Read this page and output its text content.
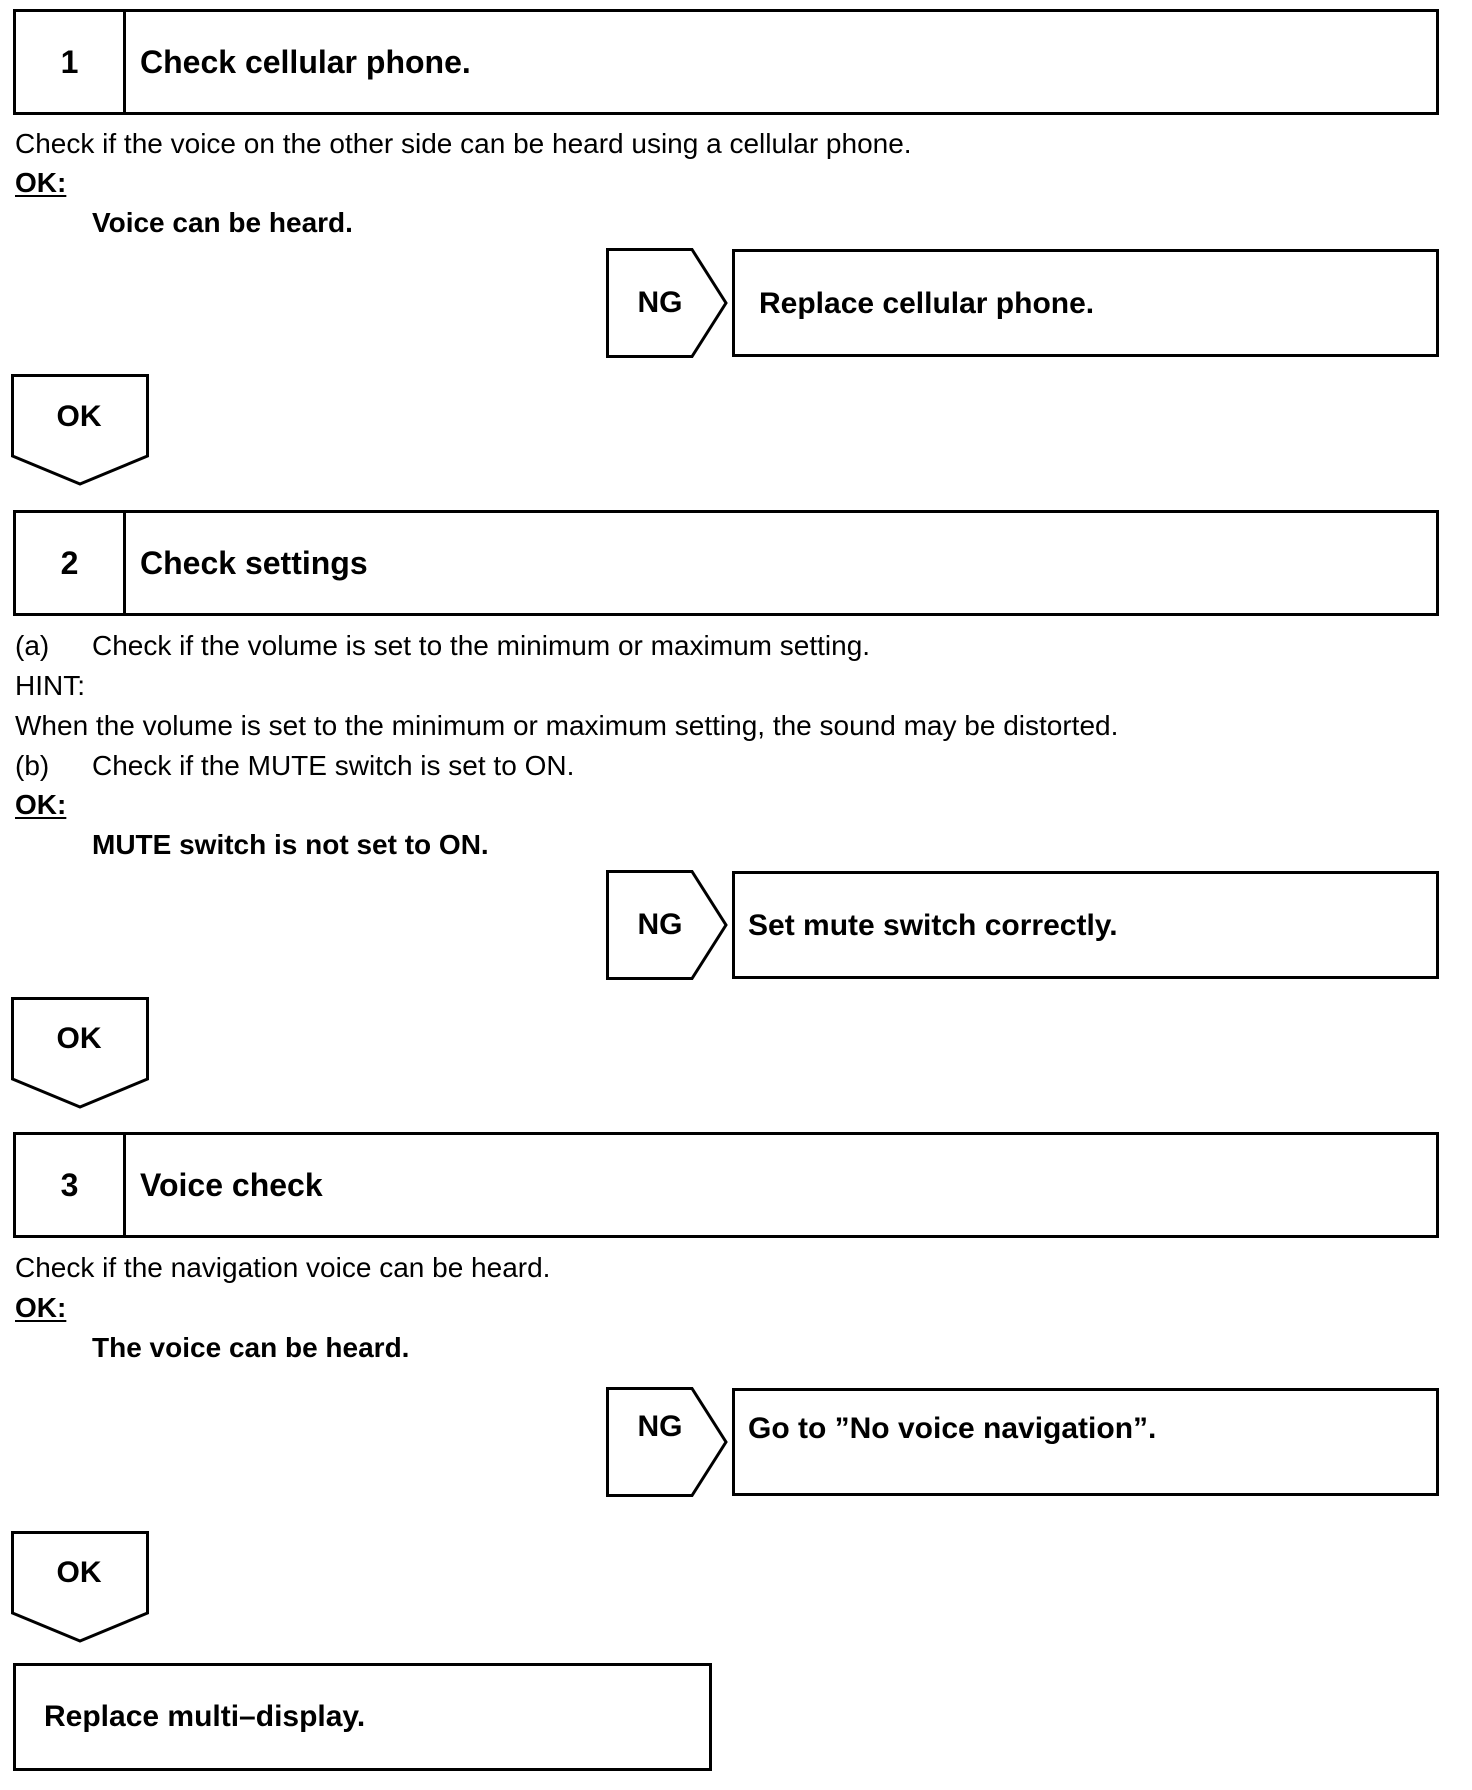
1	Check cellular phone.
Check if the voice on the other side can be heard using a cellular phone.
OK:
Voice can be heard.
NG	Replace cellular phone.
OK
2	Check settings
(a) Check if the volume is set to the minimum or maximum setting.
HINT:
When the volume is set to the minimum or maximum setting, the sound may be distorted.
(b) Check if the MUTE switch is set to ON.
OK:
MUTE switch is not set to ON.
NG	Set mute switch correctly.
OK
3	Voice check
Check if the navigation voice can be heard.
OK:
The voice can be heard.
NG	Go to ”No voice navigation”.
OK
Replace multi–display.
